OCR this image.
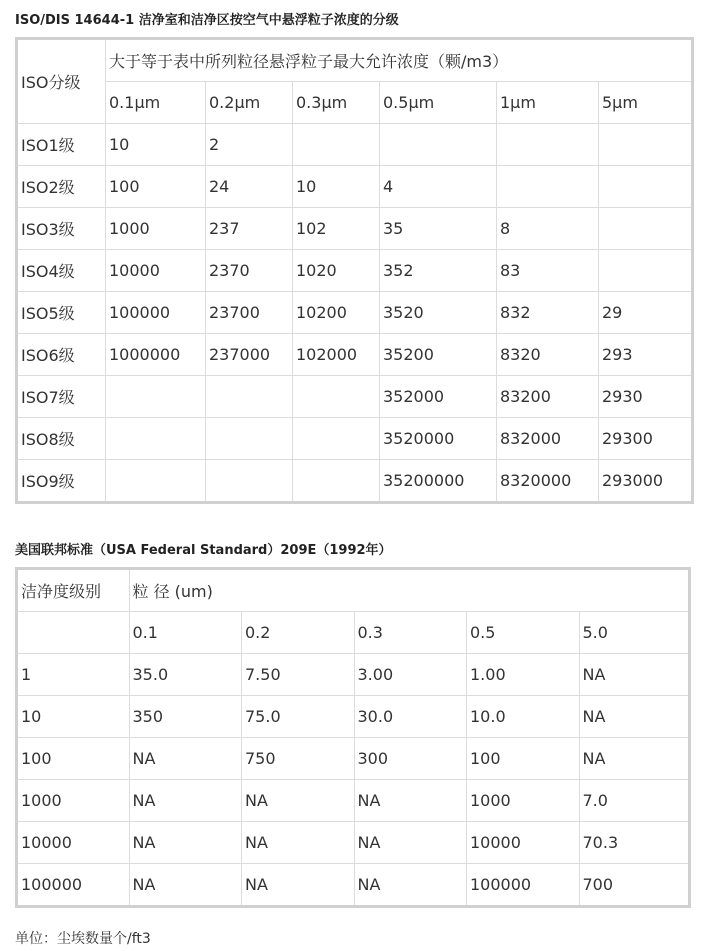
ISO/DIS 14644-1 洁净室和洁净区按空气中悬浮粒子浓度的分级
ISO分级	大于等于表中所列粒径悬浮粒子最大允许浓度（颗/m3）					
	0.1μm	0.2μm	0.3μm	0.5μm	1μm	5μm
ISO1级	10	2				
ISO2级	100	24	10	4		
ISO3级	1000	237	102	35	8	
ISO4级	10000	2370	1020	352	83	
ISO5级	100000	23700	10200	3520	832	29
ISO6级	1000000	237000	102000	35200	8320	293
ISO7级				352000	83200	2930
ISO8级				3520000	832000	29300
ISO9级				35200000	8320000	293000
美国联邦标准（USA Federal Standard）209E（1992年）
洁净度级别	粒 径 (um)				
	0.1	0.2	0.3	0.5	5.0
1	35.0	7.50	3.00	1.00	NA
10	350	75.0	30.0	10.0	NA
100	NA	750	300	100	NA
1000	NA	NA	NA	1000	7.0
10000	NA	NA	NA	10000	70.3
100000	NA	NA	NA	100000	700
单位：尘埃数量个/ft3
